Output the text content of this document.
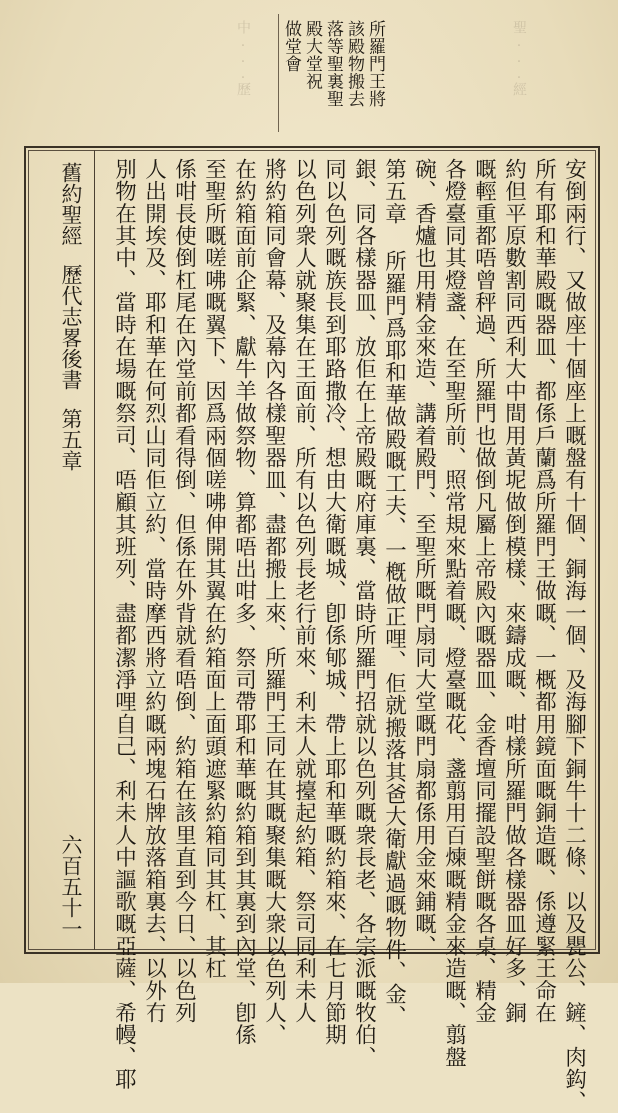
聖...經
中...歷	所羅門王將
該殿物搬去
落等聖裏聖
殿大堂祝
做堂會
安倒兩行、又做座十個座上嘅盤有十個、銅海一個、及海腳下銅牛十二條、以及甖公、鏟、肉鈎、
所有耶和華殿嘅器皿、都係戶蘭爲所羅門王做嘅、一概都用鏡面嘅銅造嘅、係遵緊王命在
約但平原數割同西利大中間用黃坭做倒模樣、來鑄成嘅、咁樣所羅門做各樣器皿好多、銅
嘅輕重都唔曾秤過、所羅門也做倒凡屬上帝殿內嘅器皿、金香壇同擺設聖餅嘅各桌、精金
各燈臺同其燈盞、在至聖所前、照常規來點着嘅、燈臺嘅花、盞翦用百煉嘅精金來造嘅、翦盤
碗、香爐也用精金來造、講着殿門、至聖所嘅門扇同大堂嘅門扇都係用金來鋪嘅、
第五章 所羅門爲耶和華做殿嘅工夫、一槪做正哩、佢就搬落其爸大衛獻過嘅物件、金、
銀、同各樣器皿、放佢在上帝殿嘅府庫裏、當時所羅門招就以色列嘅衆長老、各宗派嘅牧伯、
同以色列嘅族長到耶路撒冷、想由大衛嘅城、卽係郇城、帶上耶和華嘅約箱來、在七月節期
以色列衆人就聚集在王面前、所有以色列長老行前來、利未人就擡起約箱、祭司同利未人
將約箱同會幕、及幕內各樣聖器皿、盡都搬上來、所羅門王同在其嘅聚集嘅大衆以色列人、
在約箱面前企緊、獻牛羊做祭物、算都唔出咁多、祭司帶耶和華嘅約箱到其裏到內堂、卽係
至聖所嘅嗟咈嘅翼下、因爲兩個嗟咈伸開其翼在約箱面上面頭遮緊約箱同其杠、其杠
係咁長使倒杠尾在內堂前都看得倒、但係在外背就看唔倒、約箱在該里直到今日、以色列
人出開埃及、耶和華在何烈山同佢立約、當時摩西將立約嘅兩塊石牌放落箱裏去、以外冇
別物在其中、當時在場嘅祭司、唔顧其班列、盡都潔淨哩自己、利未人中謳歌嘅亞薩、希幔、耶
舊約聖經歷代志畧後書第五章
六百五十一
